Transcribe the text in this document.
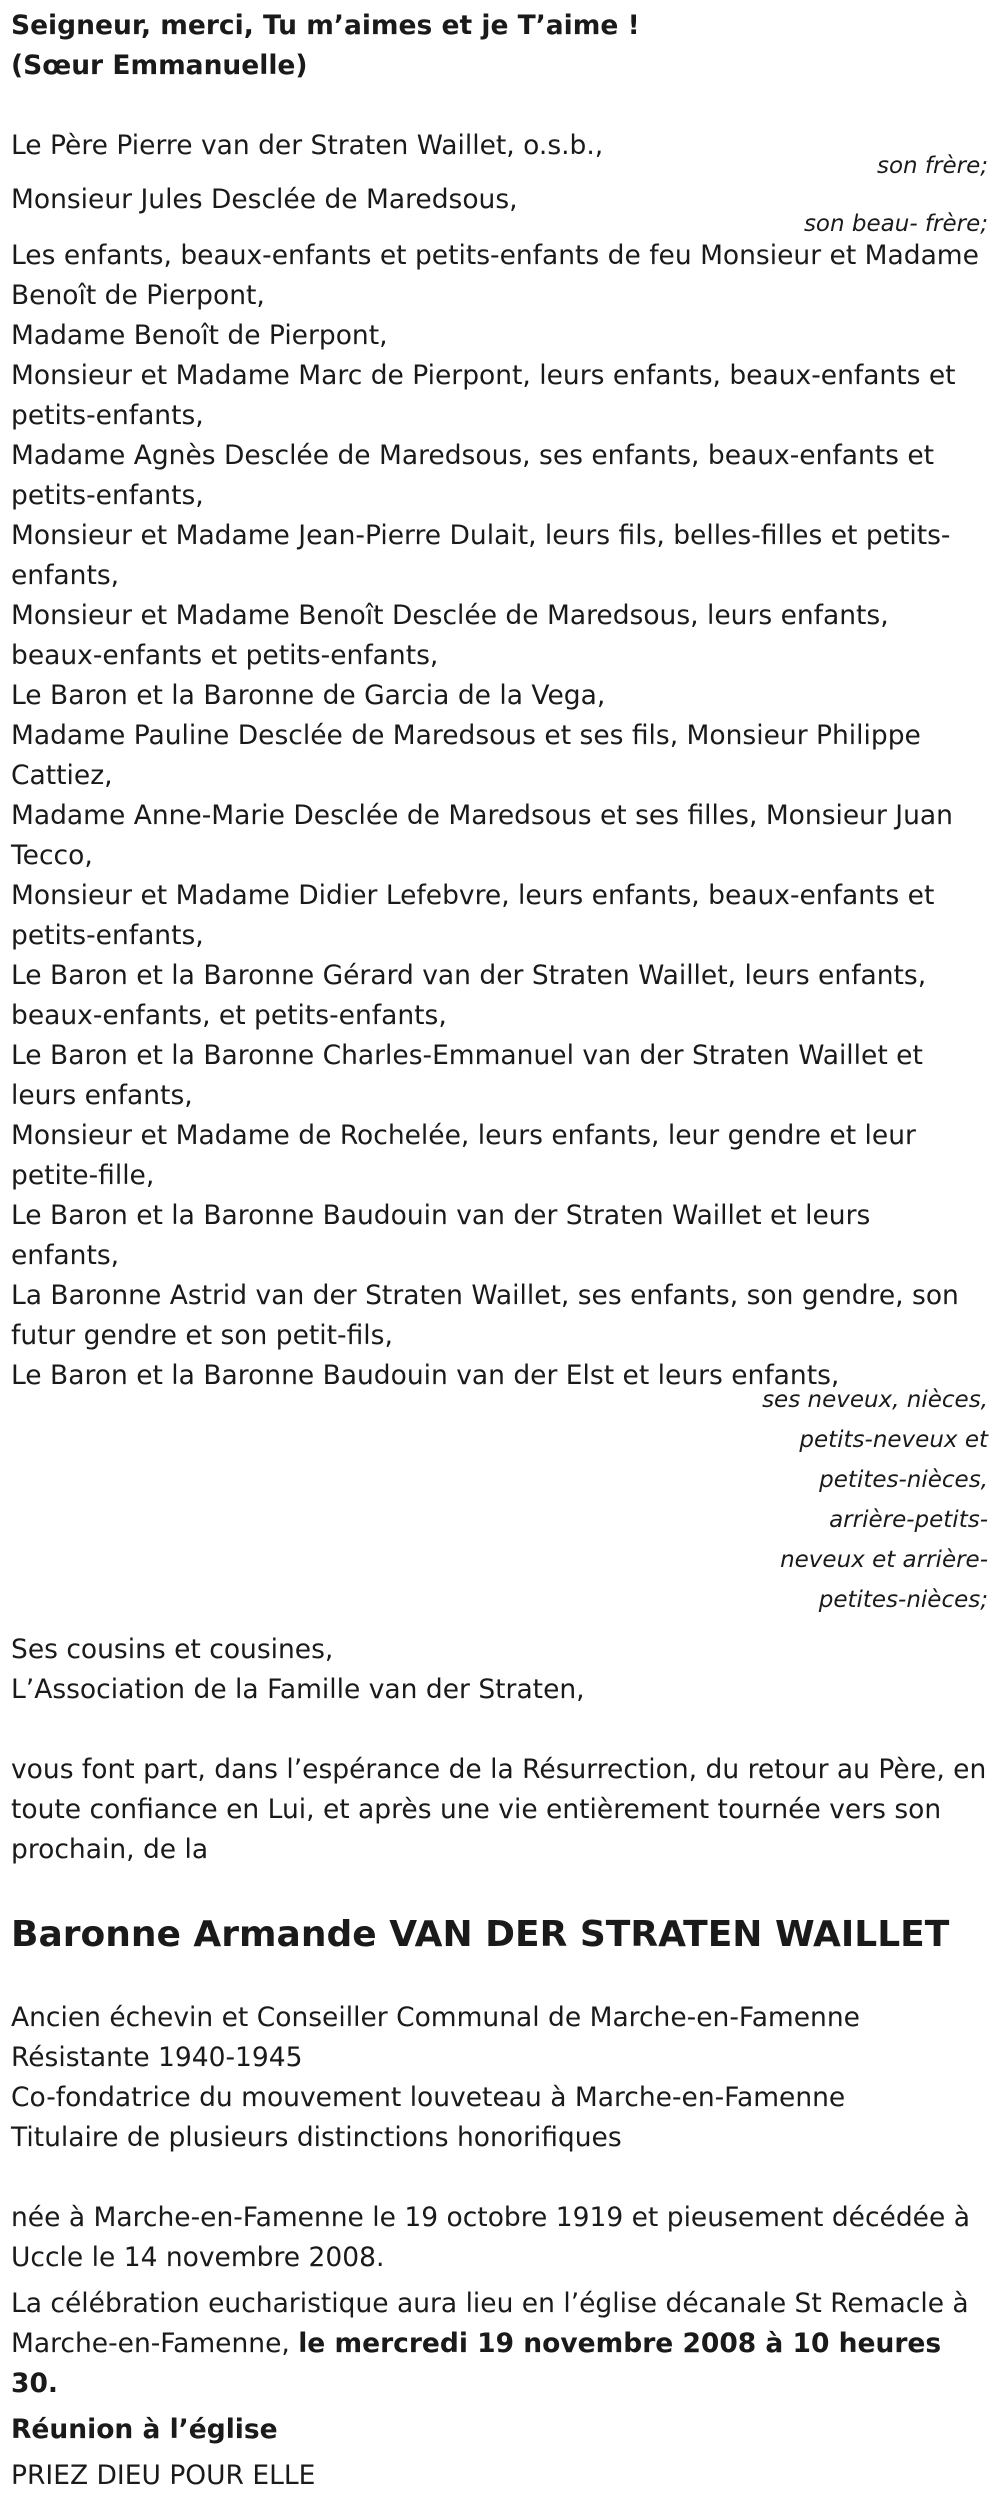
Seigneur, merci, Tu m’aimes et je T’aime !

(Sœur Emmanuelle)

Le Père Pierre van der Straten Waillet, o.s.b.,

son frère;

Monsieur Jules Desclée de Maredsous,

son beau- frère;

Les enfants, beaux-enfants et petits-enfants de feu Monsieur et Madame

Benoît de Pierpont,

Madame Benoît de Pierpont,

Monsieur et Madame Marc de Pierpont, leurs enfants, beaux-enfants et

petits-enfants,

Madame Agnès Desclée de Maredsous, ses enfants, beaux-enfants et

petits-enfants,

Monsieur et Madame Jean-Pierre Dulait, leurs fils, belles-filles et petits-

enfants,

Monsieur et Madame Benoît Desclée de Maredsous, leurs enfants,

beaux-enfants et petits-enfants,

Le Baron et la Baronne de Garcia de la Vega,

Madame Pauline Desclée de Maredsous et ses fils, Monsieur Philippe

Cattiez,

Madame Anne-Marie Desclée de Maredsous et ses filles, Monsieur Juan

Tecco,

Monsieur et Madame Didier Lefebvre, leurs enfants, beaux-enfants et

petits-enfants,

Le Baron et la Baronne Gérard van der Straten Waillet, leurs enfants,

beaux-enfants, et petits-enfants,

Le Baron et la Baronne Charles-Emmanuel van der Straten Waillet et

leurs enfants,

Monsieur et Madame de Rochelée, leurs enfants, leur gendre et leur

petite-fille,

Le Baron et la Baronne Baudouin van der Straten Waillet et leurs

enfants,

La Baronne Astrid van der Straten Waillet, ses enfants, son gendre, son

futur gendre et son petit-fils,

Le Baron et la Baronne Baudouin van der Elst et leurs enfants,

ses neveux, nièces,
petits-neveux et
petites-nièces,
arrière-petits-
neveux et arrière-
petites-nièces;

Ses cousins et cousines,

L’Association de la Famille van der Straten,

vous font part, dans l’espérance de la Résurrection, du retour au Père, en

toute confiance en Lui, et après une vie entièrement tournée vers son

prochain, de la

Baronne Armande VAN DER STRATEN WAILLET

Ancien échevin et Conseiller Communal de Marche-en-Famenne

Résistante 1940-1945

Co-fondatrice du mouvement louveteau à Marche-en-Famenne

Titulaire de plusieurs distinctions honorifiques

née à Marche-en-Famenne le 19 octobre 1919 et pieusement décédée à

Uccle le 14 novembre 2008.

La célébration eucharistique aura lieu en l’église décanale St Remacle à

Marche-en-Famenne, le mercredi 19 novembre 2008 à 10 heures 30.

Réunion à l’église

PRIEZ DIEU POUR ELLE
